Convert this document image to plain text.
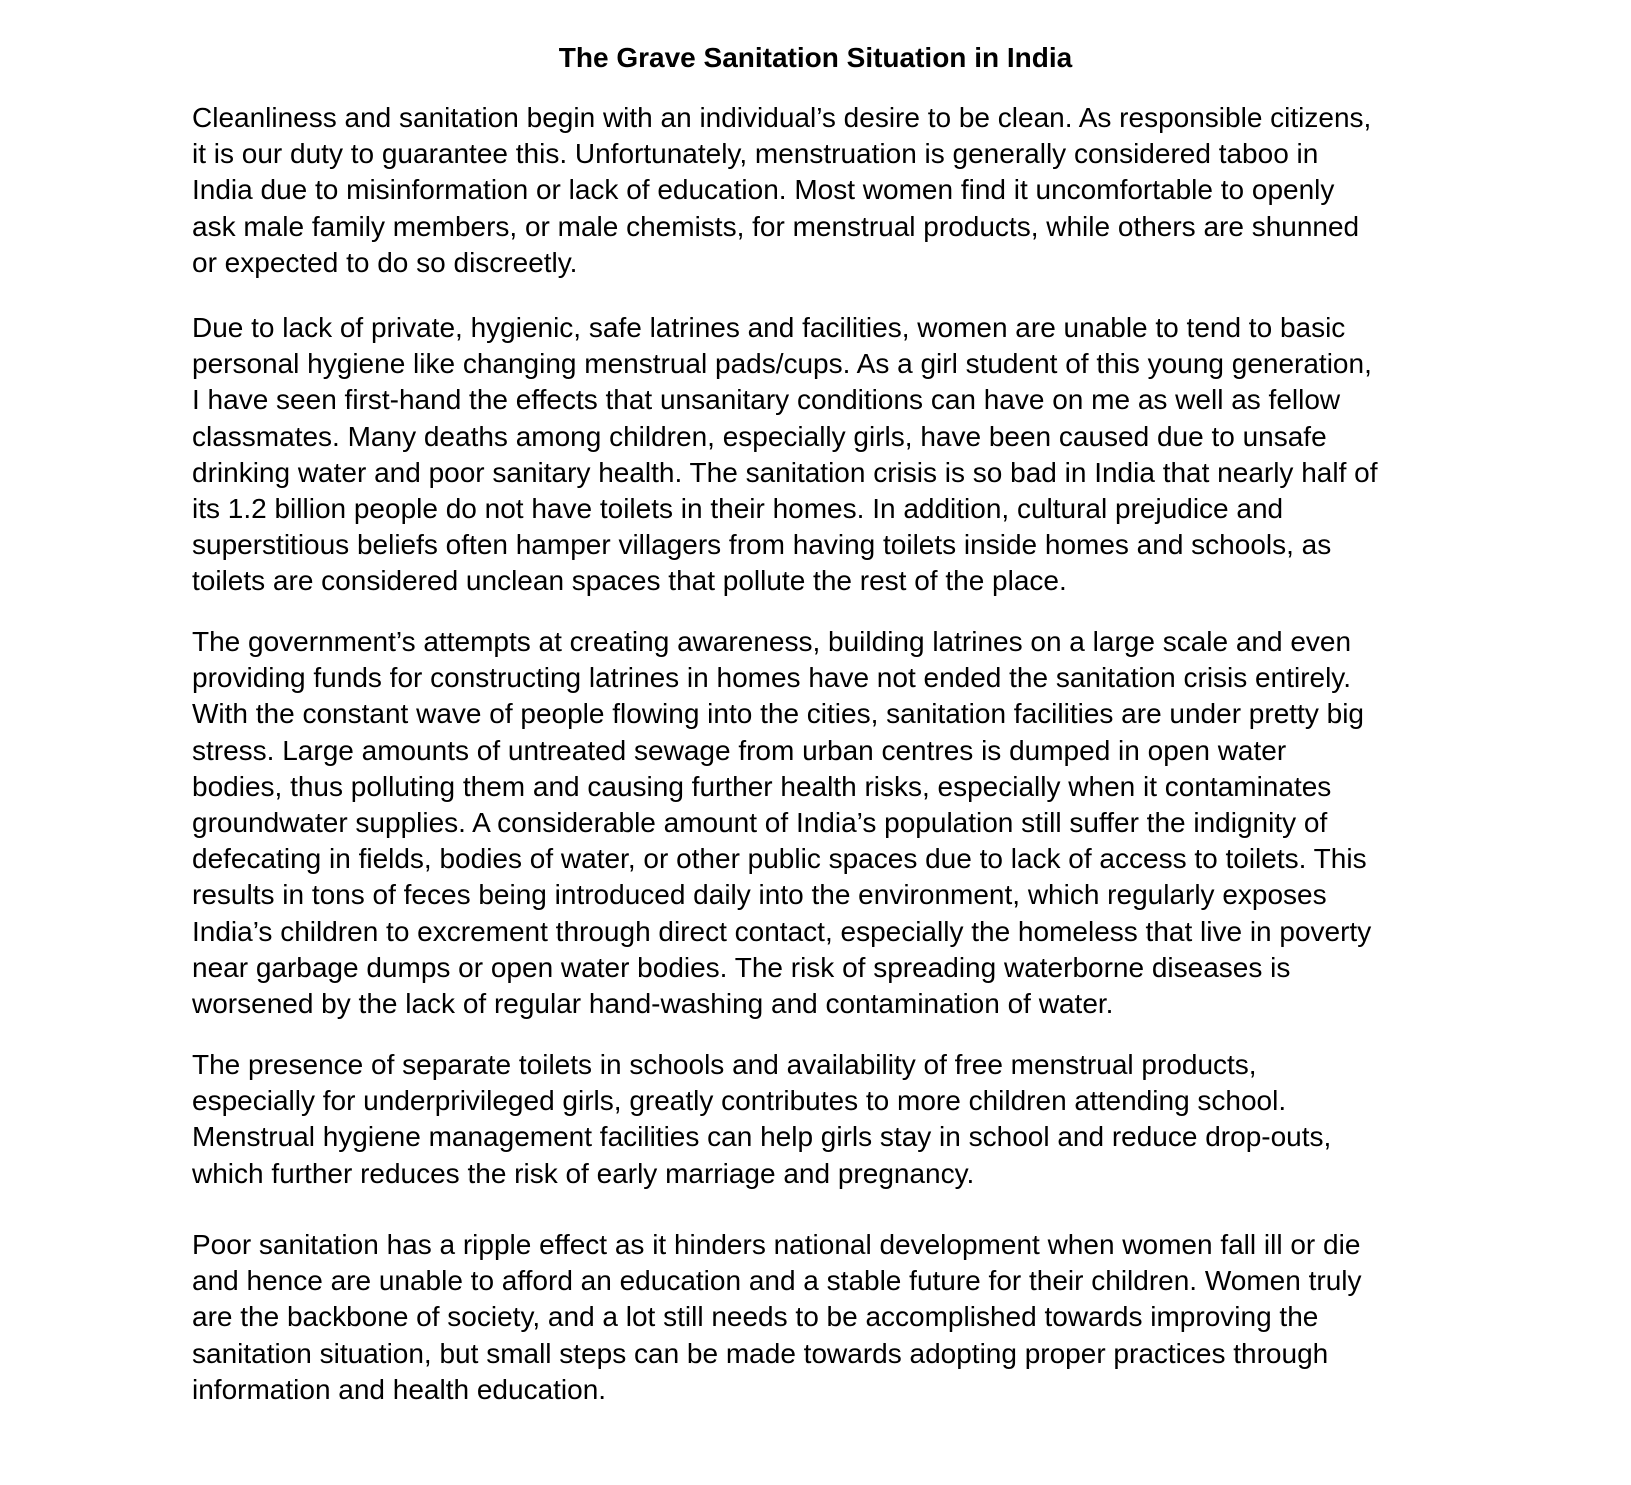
The Grave Sanitation Situation in India
Cleanliness and sanitation begin with an individual’s desire to be clean. As responsible citizens,
it is our duty to guarantee this. Unfortunately, menstruation is generally considered taboo in
India due to misinformation or lack of education. Most women find it uncomfortable to openly
ask male family members, or male chemists, for menstrual products, while others are shunned
or expected to do so discreetly.
Due to lack of private, hygienic, safe latrines and facilities, women are unable to tend to basic
personal hygiene like changing menstrual pads/cups. As a girl student of this young generation,
I have seen first-hand the effects that unsanitary conditions can have on me as well as fellow
classmates. Many deaths among children, especially girls, have been caused due to unsafe
drinking water and poor sanitary health. The sanitation crisis is so bad in India that nearly half of
its 1.2 billion people do not have toilets in their homes. In addition, cultural prejudice and
superstitious beliefs often hamper villagers from having toilets inside homes and schools, as
toilets are considered unclean spaces that pollute the rest of the place.
The government’s attempts at creating awareness, building latrines on a large scale and even
providing funds for constructing latrines in homes have not ended the sanitation crisis entirely.
With the constant wave of people flowing into the cities, sanitation facilities are under pretty big
stress. Large amounts of untreated sewage from urban centres is dumped in open water
bodies, thus polluting them and causing further health risks, especially when it contaminates
groundwater supplies. A considerable amount of India’s population still suffer the indignity of
defecating in fields, bodies of water, or other public spaces due to lack of access to toilets. This
results in tons of feces being introduced daily into the environment, which regularly exposes
India’s children to excrement through direct contact, especially the homeless that live in poverty
near garbage dumps or open water bodies. The risk of spreading waterborne diseases is
worsened by the lack of regular hand-washing and contamination of water.
The presence of separate toilets in schools and availability of free menstrual products,
especially for underprivileged girls, greatly contributes to more children attending school.
Menstrual hygiene management facilities can help girls stay in school and reduce drop-outs,
which further reduces the risk of early marriage and pregnancy.
Poor sanitation has a ripple effect as it hinders national development when women fall ill or die
and hence are unable to afford an education and a stable future for their children. Women truly
are the backbone of society, and a lot still needs to be accomplished towards improving the
sanitation situation, but small steps can be made towards adopting proper practices through
information and health education.
